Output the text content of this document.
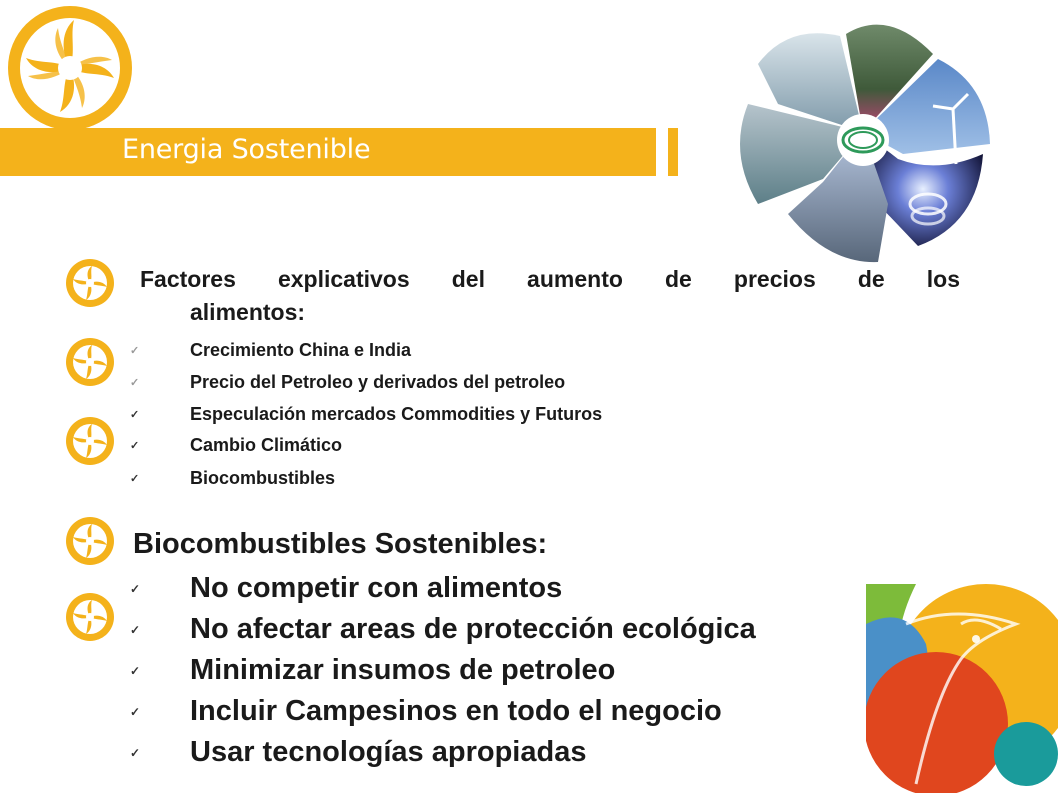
Energia Sostenible
Factores explicativos del aumento de precios de los
alimentos:
✓	Crecimiento China e India
✓	Precio del Petroleo y derivados del petroleo
✓	Especulación mercados Commodities y Futuros
✓	Cambio Climático
✓	Biocombustibles
Biocombustibles Sostenibles:
✓ No competir con alimentos
✓ No afectar areas de protección ecológica
✓ Minimizar insumos de petroleo
✓ Incluir Campesinos en todo el negocio
✓ Usar tecnologías apropiadas
